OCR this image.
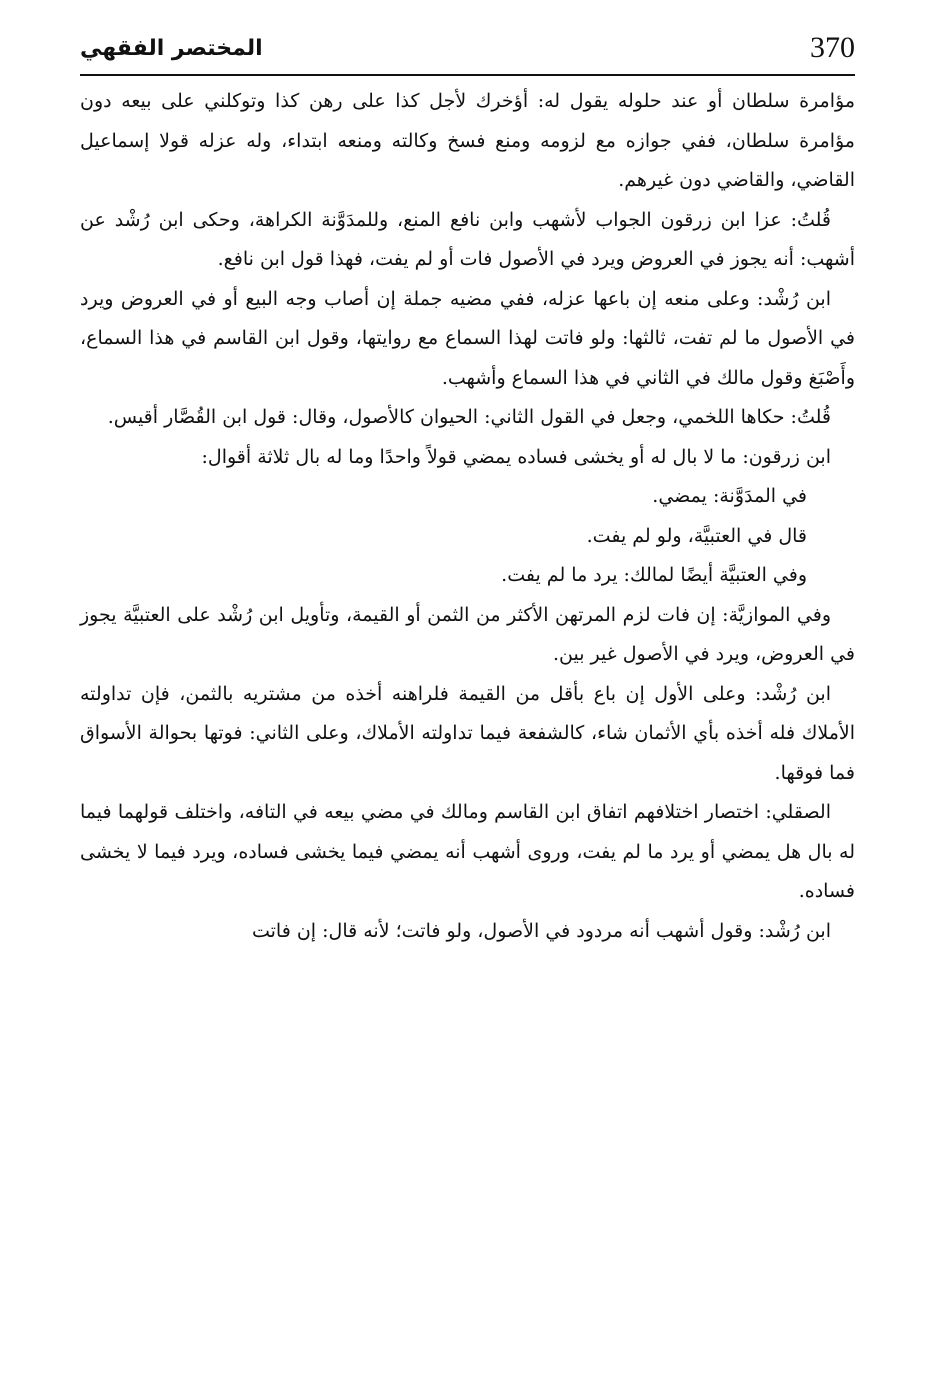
370
المختصر الفقهي

مؤامرة سلطان أو عند حلوله يقول له: أؤخرك لأجل كذا على رهن كذا وتوكلني على بيعه دون مؤامرة سلطان، ففي جوازه مع لزومه ومنع فسخ وكالته ومنعه ابتداء، وله عزله قولا إسماعيل القاضي، والقاضي دون غيرهم.

قُلتُ: عزا ابن زرقون الجواب لأشهب وابن نافع المنع، وللمدَوَّنة الكراهة، وحكى ابن رُشْد عن أشهب: أنه يجوز في العروض ويرد في الأصول فات أو لم يفت، فهذا قول ابن نافع.

ابن رُشْد: وعلى منعه إن باعها عزله، ففي مضيه جملة إن أصاب وجه البيع أو في العروض ويرد في الأصول ما لم تفت، ثالثها: ولو فاتت لهذا السماع مع روايتها، وقول ابن القاسم في هذا السماع، وأَصْبَغ وقول مالك في الثاني في هذا السماع وأشهب.

قُلتُ: حكاها اللخمي، وجعل في القول الثاني: الحيوان كالأصول، وقال: قول ابن القُصَّار أقيس.

ابن زرقون: ما لا بال له أو يخشى فساده يمضي قولاً واحدًا وما له بال ثلاثة أقوال:

في المدَوَّنة: يمضي.

قال في العتبيَّة، ولو لم يفت.

وفي العتبيَّة أيضًا لمالك: يرد ما لم يفت.

وفي الموازيَّة: إن فات لزم المرتهن الأكثر من الثمن أو القيمة، وتأويل ابن رُشْد على العتبيَّة يجوز في العروض، ويرد في الأصول غير بين.

ابن رُشْد: وعلى الأول إن باع بأقل من القيمة فلراهنه أخذه من مشتريه بالثمن، فإن تداولته الأملاك فله أخذه بأي الأثمان شاء، كالشفعة فيما تداولته الأملاك، وعلى الثاني: فوتها بحوالة الأسواق فما فوقها.

الصقلي: اختصار اختلافهم اتفاق ابن القاسم ومالك في مضي بيعه في التافه، واختلف قولهما فيما له بال هل يمضي أو يرد ما لم يفت، وروى أشهب أنه يمضي فيما يخشى فساده، ويرد فيما لا يخشى فساده.

ابن رُشْد: وقول أشهب أنه مردود في الأصول، ولو فاتت؛ لأنه قال: إن فاتت
